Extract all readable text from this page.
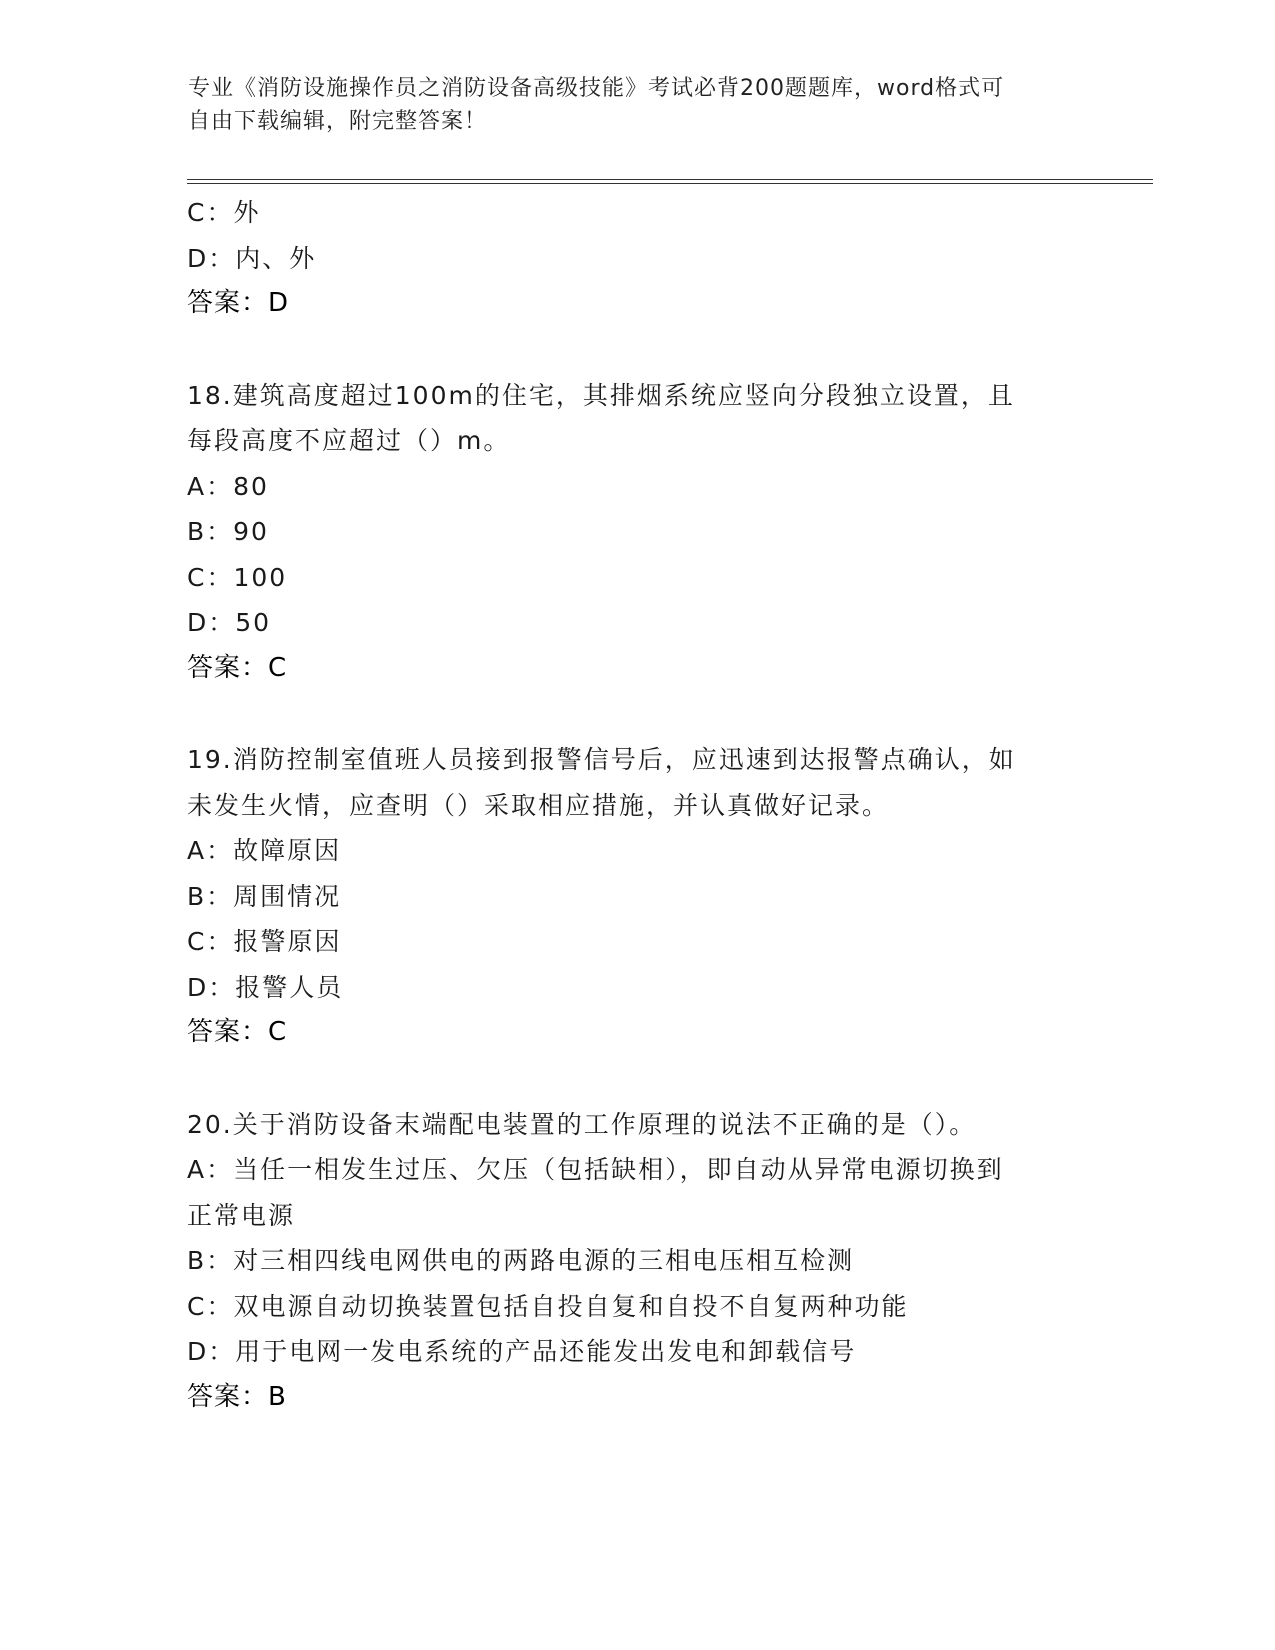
专业《消防设施操作员之消防设备高级技能》考试必背200题题库，word格式可
自由下载编辑，附完整答案！
C：外
D：内、外
答案：D
18.建筑高度超过100m的住宅，其排烟系统应竖向分段独立设置，且
每段高度不应超过（）m。
A：80
B：90
C：100
D：50
答案：C
19.消防控制室值班人员接到报警信号后，应迅速到达报警点确认，如
未发生火情，应查明（）采取相应措施，并认真做好记录。
A：故障原因
B：周围情况
C：报警原因
D：报警人员
答案：C
20.关于消防设备末端配电装置的工作原理的说法不正确的是（）。
A：当任一相发生过压、欠压（包括缺相），即自动从异常电源切换到
正常电源
B：对三相四线电网供电的两路电源的三相电压相互检测
C：双电源自动切换装置包括自投自复和自投不自复两种功能
D：用于电网一发电系统的产品还能发出发电和卸载信号
答案：B
